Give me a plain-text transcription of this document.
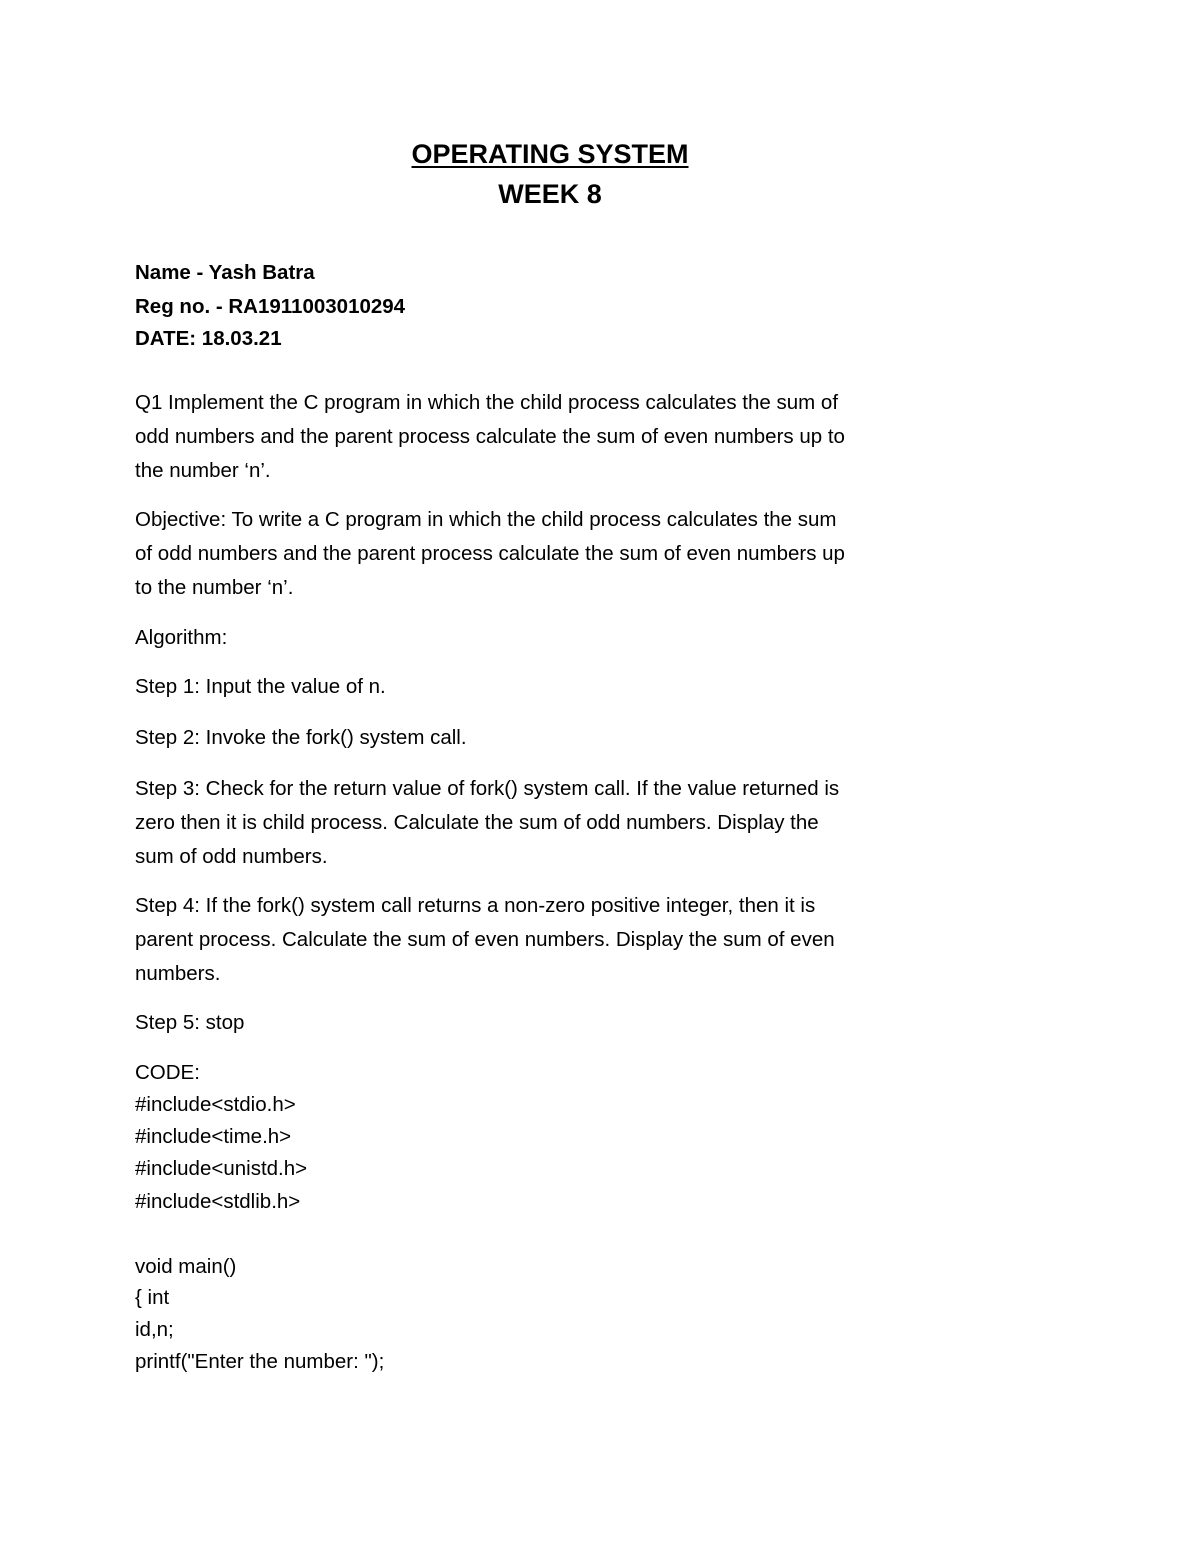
OPERATING SYSTEM
WEEK 8
Name - Yash Batra
Reg no. - RA1911003010294
DATE: 18.03.21
Q1 Implement the C program in which the child process calculates the sum of
odd numbers and the parent process calculate the sum of even numbers up to
the number ‘n’.
Objective: To write a C program in which the child process calculates the sum
of odd numbers and the parent process calculate the sum of even numbers up
to the number ‘n’.
Algorithm:
Step 1: Input the value of n.
Step 2: Invoke the fork() system call.
Step 3: Check for the return value of fork() system call. If the value returned is
zero then it is child process. Calculate the sum of odd numbers. Display the
sum of odd numbers.
Step 4: If the fork() system call returns a non-zero positive integer, then it is
parent process. Calculate the sum of even numbers. Display the sum of even
numbers.
Step 5: stop
CODE:
#include<stdio.h>
#include<time.h>
#include<unistd.h>
#include<stdlib.h>
void main()
{ int
id,n;
printf("Enter the number: ");
